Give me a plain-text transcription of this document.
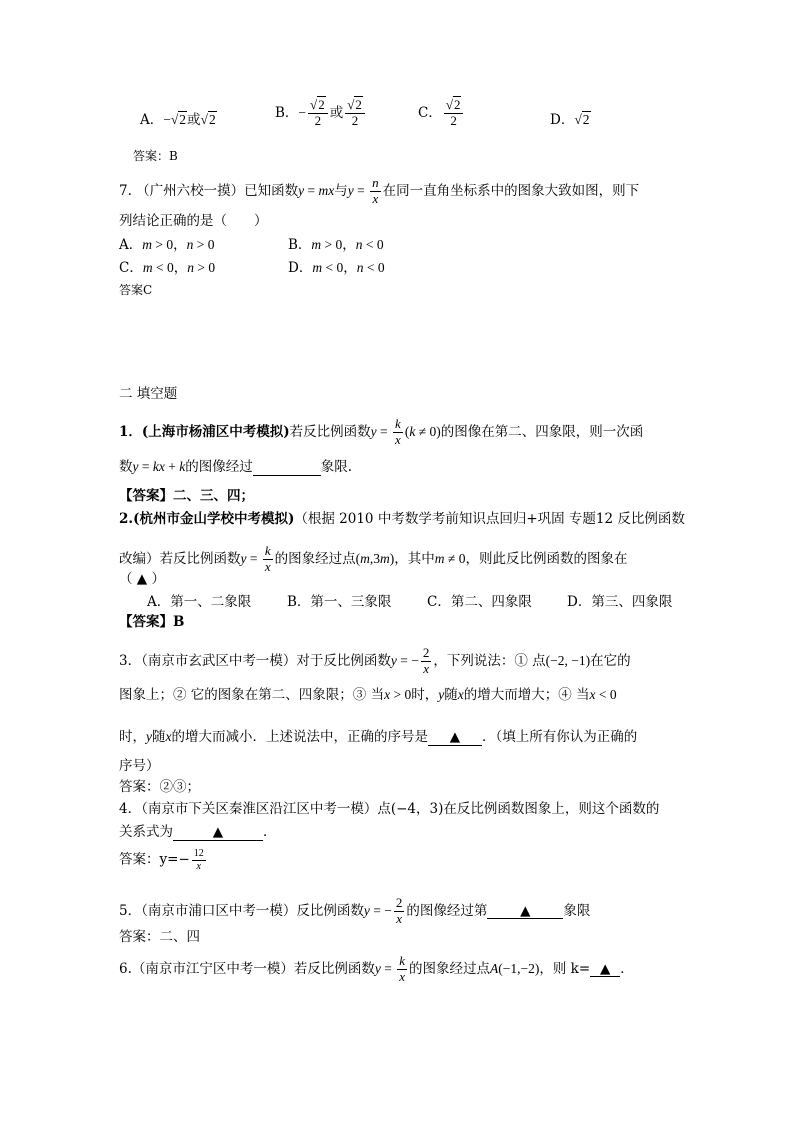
A．−√2或√2	B．− $\frac{√2}{2}$ 或 $\frac{√2}{2}$	C． $\frac{√2}{2}$	D．√2
答案：B
7. （广州六校一摸）已知函数y = mx与$y = \frac{n}{x}$ 在同一直角坐标系中的图象大致如图，则下
列结论正确的是（　　）
A．m > 0，n > 0	B．m > 0，n < 0
C．m < 0，n > 0	D．m < 0，n < 0
答案C
二 填空题
1．(上海市杨浦区中考模拟)若反比例函数$y = \frac{k}{x} (k \ne 0)$的图像在第二、四象限，则一次函
数y = kx + k的图像经过	象限.
【答案】二、三、四；
2.(杭州市金山学校中考模拟)（根据 2010 中考数学考前知识点回归+巩固 专题12 反比例函数
改编）若反比例函数$y = \frac{k}{x}$ 的图象经过点(m,3m)，其中m ≠ 0，则此反比例函数的图象在
（ ▲ ）
A．第一、二象限	B．第一、三象限	C．第二、四象限	D．第三、四象限
【答案】B
3．（南京市玄武区中考一模）对于反比例函数y = − $\frac{2}{x}$ ，下列说法：① 点(−2, −1)在它的
图象上；② 它的图象在第二、四象限；③ 当x > 0时，y随x的增大而增大；④ 当x < 0
时，y随x的增大而减小．上述说法中，正确的序号是 ▲ ．（填上所有你认为正确的
序号）
答案：②③；
4．（南京市下关区秦淮区沿江区中考一模）点(−4，3)在反比例函数图象上，则这个函数的
关系式为	▲	．
答案：$y=- \frac{12}{x}$
5．（南京市浦口区中考一模）反比例函数y = − $\frac{2}{x}$ 的图像经过第 ▲ 象限
答案：二、四
6.（南京市江宁区中考一模）若反比例函数$y = \frac{k}{x}$ 的图象经过点A(−1,−2)，则 k= ▲ ．
